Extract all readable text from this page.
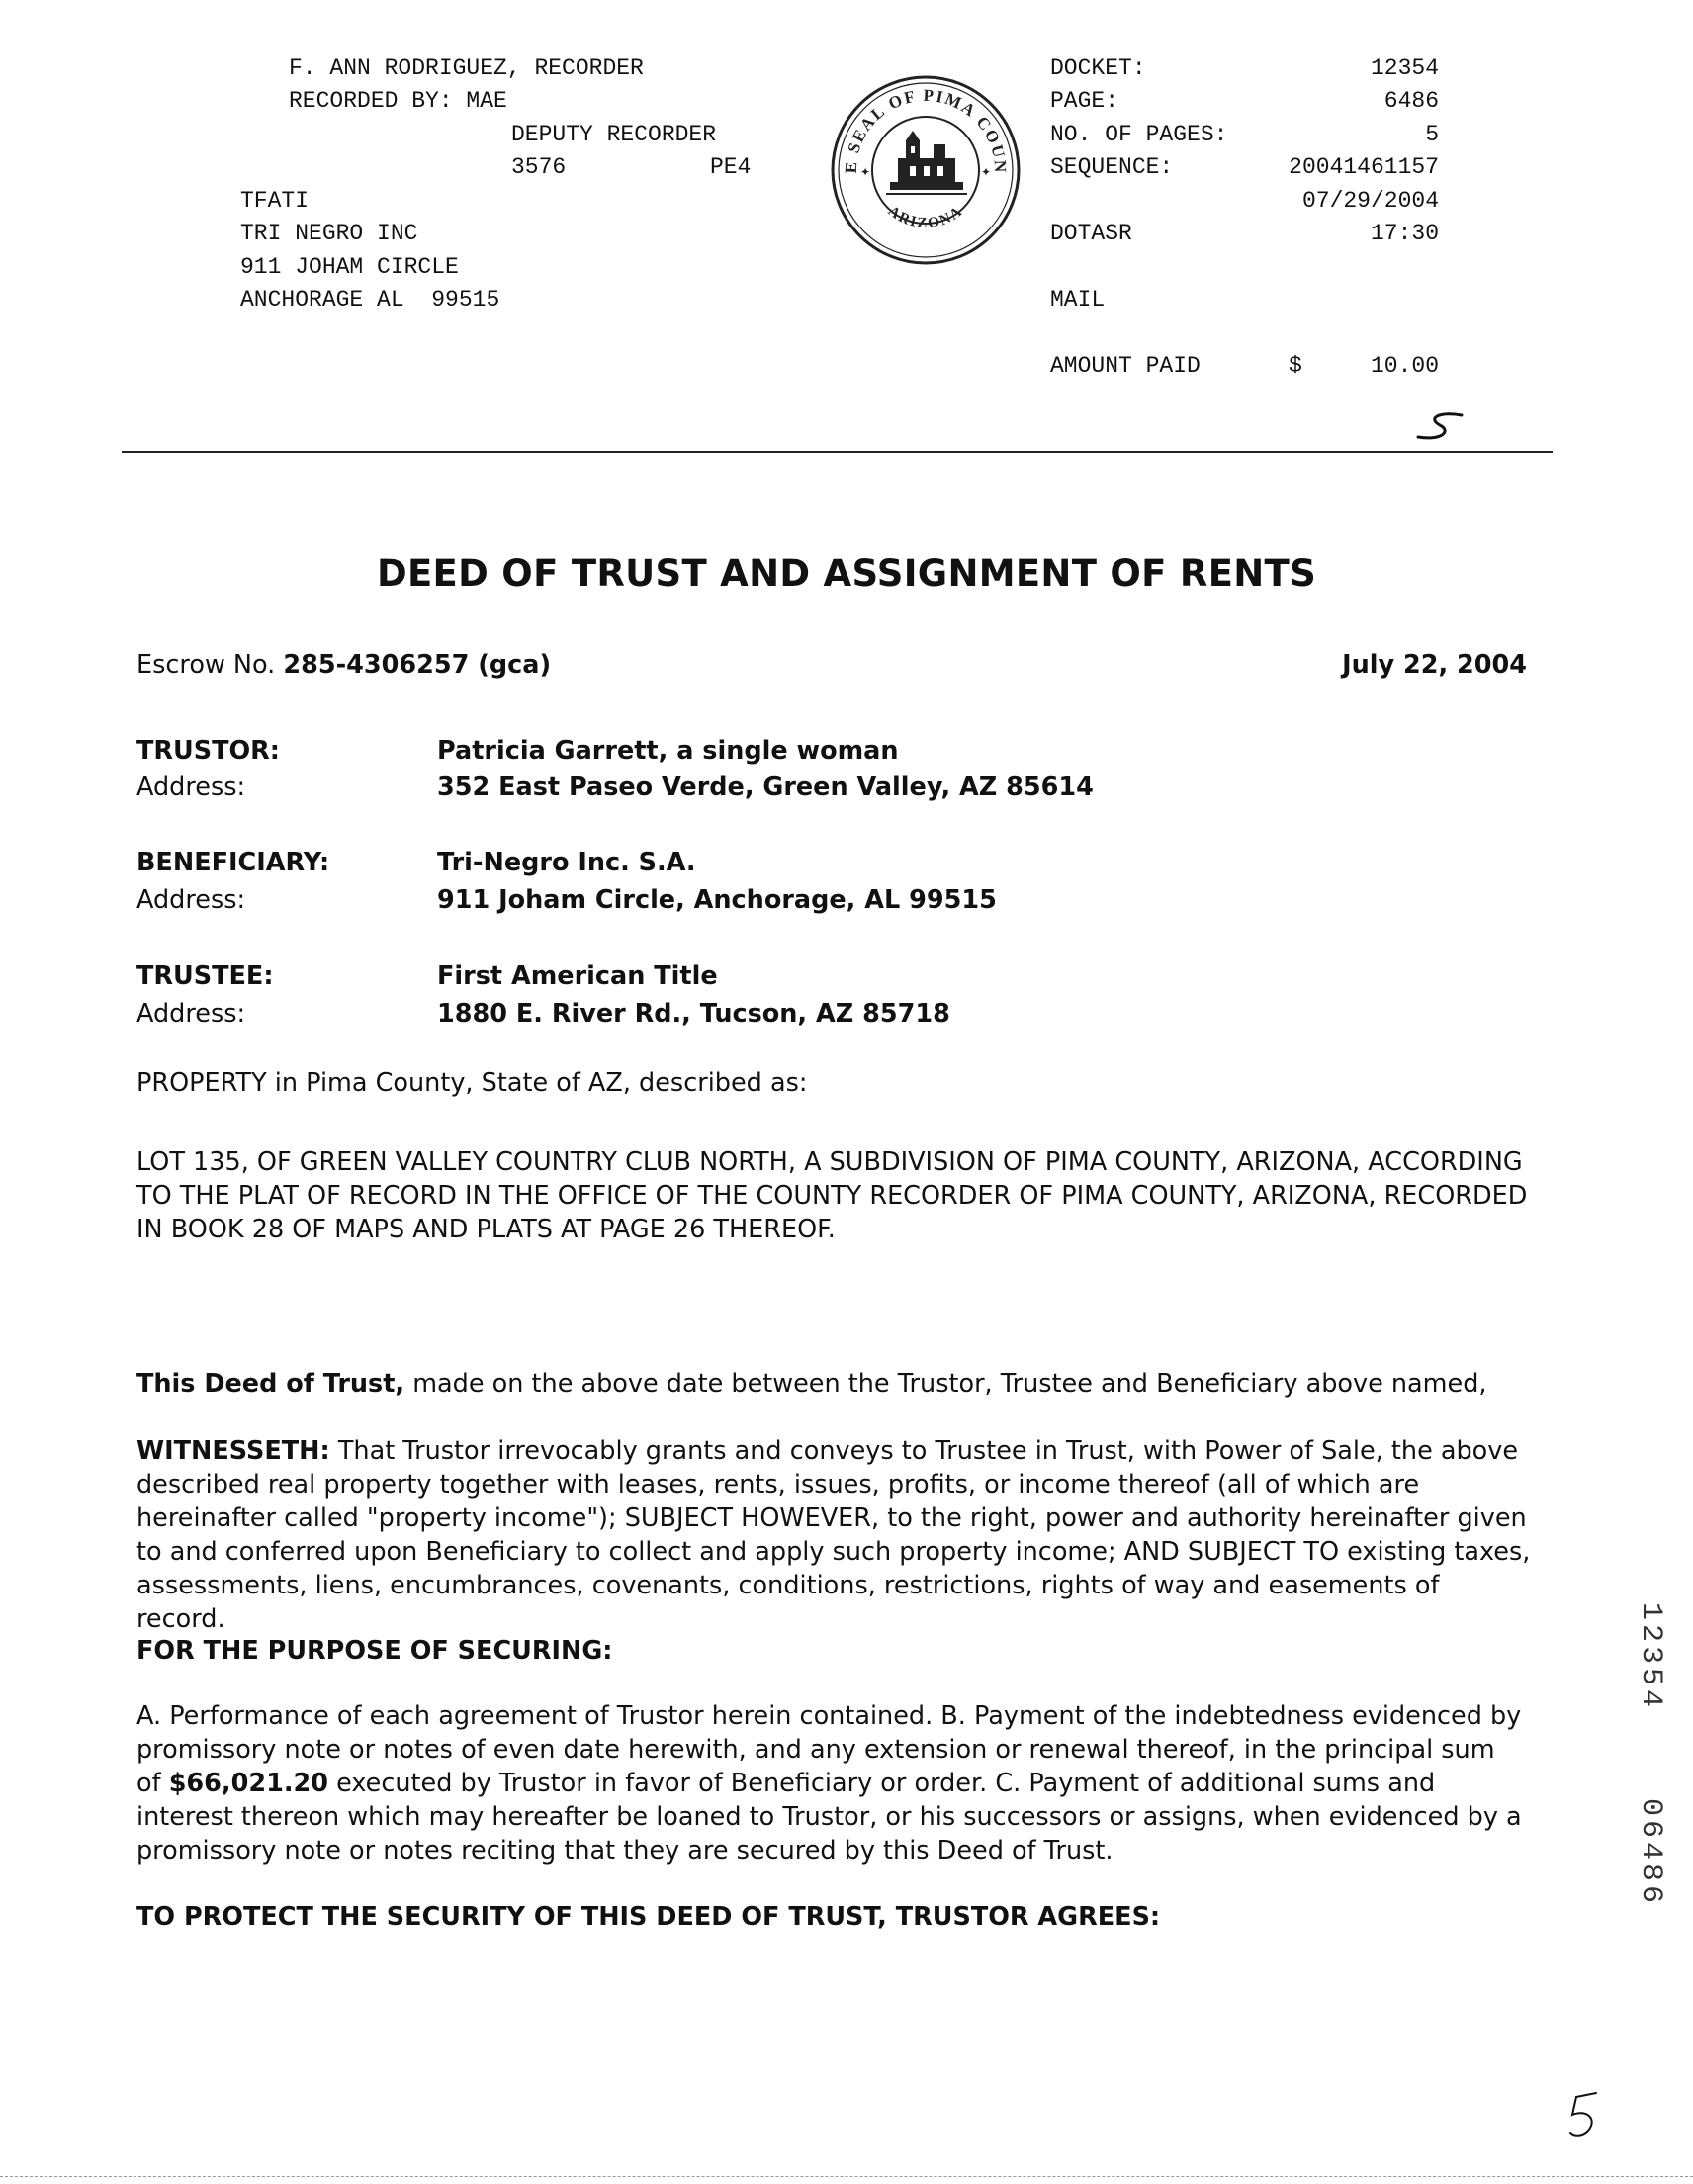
F. ANN RODRIGUEZ, RECORDER
RECORDED BY: MAE
DEPUTY RECORDER
3576	PE4
TFATI
TRI NEGRO INC
911 JOHAM CIRCLE
ANCHORAGE AL  99515
DOCKET:	12354
PAGE:	6486
NO. OF PAGES:	5
SEQUENCE:	20041461157
07/29/2004
DOTASR	17:30
MAIL
AMOUNT PAID	$	10.00
E SEAL OF PIMA COUN
ARIZONA
✦	✦
DEED OF TRUST AND ASSIGNMENT OF RENTS
Escrow No. 285-4306257 (gca)	July 22, 2004
TRUSTOR:	Patricia Garrett, a single woman
Address:	352 East Paseo Verde, Green Valley, AZ 85614
BENEFICIARY:	Tri-Negro Inc. S.A.
Address:	911 Joham Circle, Anchorage, AL 99515
TRUSTEE:	First American Title
Address:	1880 E. River Rd., Tucson, AZ 85718
PROPERTY in Pima County, State of AZ, described as:
LOT 135, OF GREEN VALLEY COUNTRY CLUB NORTH, A SUBDIVISION OF PIMA COUNTY, ARIZONA, ACCORDING TO THE PLAT OF RECORD IN THE OFFICE OF THE COUNTY RECORDER OF PIMA COUNTY, ARIZONA, RECORDED IN BOOK 28 OF MAPS AND PLATS AT PAGE 26 THEREOF.
This Deed of Trust, made on the above date between the Trustor, Trustee and Beneficiary above named,
WITNESSETH: That Trustor irrevocably grants and conveys to Trustee in Trust, with Power of Sale, the above described real property together with leases, rents, issues, profits, or income thereof (all of which are hereinafter called "property income"); SUBJECT HOWEVER, to the right, power and authority hereinafter given to and conferred upon Beneficiary to collect and apply such property income; AND SUBJECT TO existing taxes, assessments, liens, encumbrances, covenants, conditions, restrictions, rights of way and easements of record.
FOR THE PURPOSE OF SECURING:
A. Performance of each agreement of Trustor herein contained. B. Payment of the indebtedness evidenced by promissory note or notes of even date herewith, and any extension or renewal thereof, in the principal sum of $66,021.20 executed by Trustor in favor of Beneficiary or order. C. Payment of additional sums and interest thereon which may hereafter be loaned to Trustor, or his successors or assigns, when evidenced by a promissory note or notes reciting that they are secured by this Deed of Trust.
TO PROTECT THE SECURITY OF THIS DEED OF TRUST, TRUSTOR AGREES:
12354    06486
